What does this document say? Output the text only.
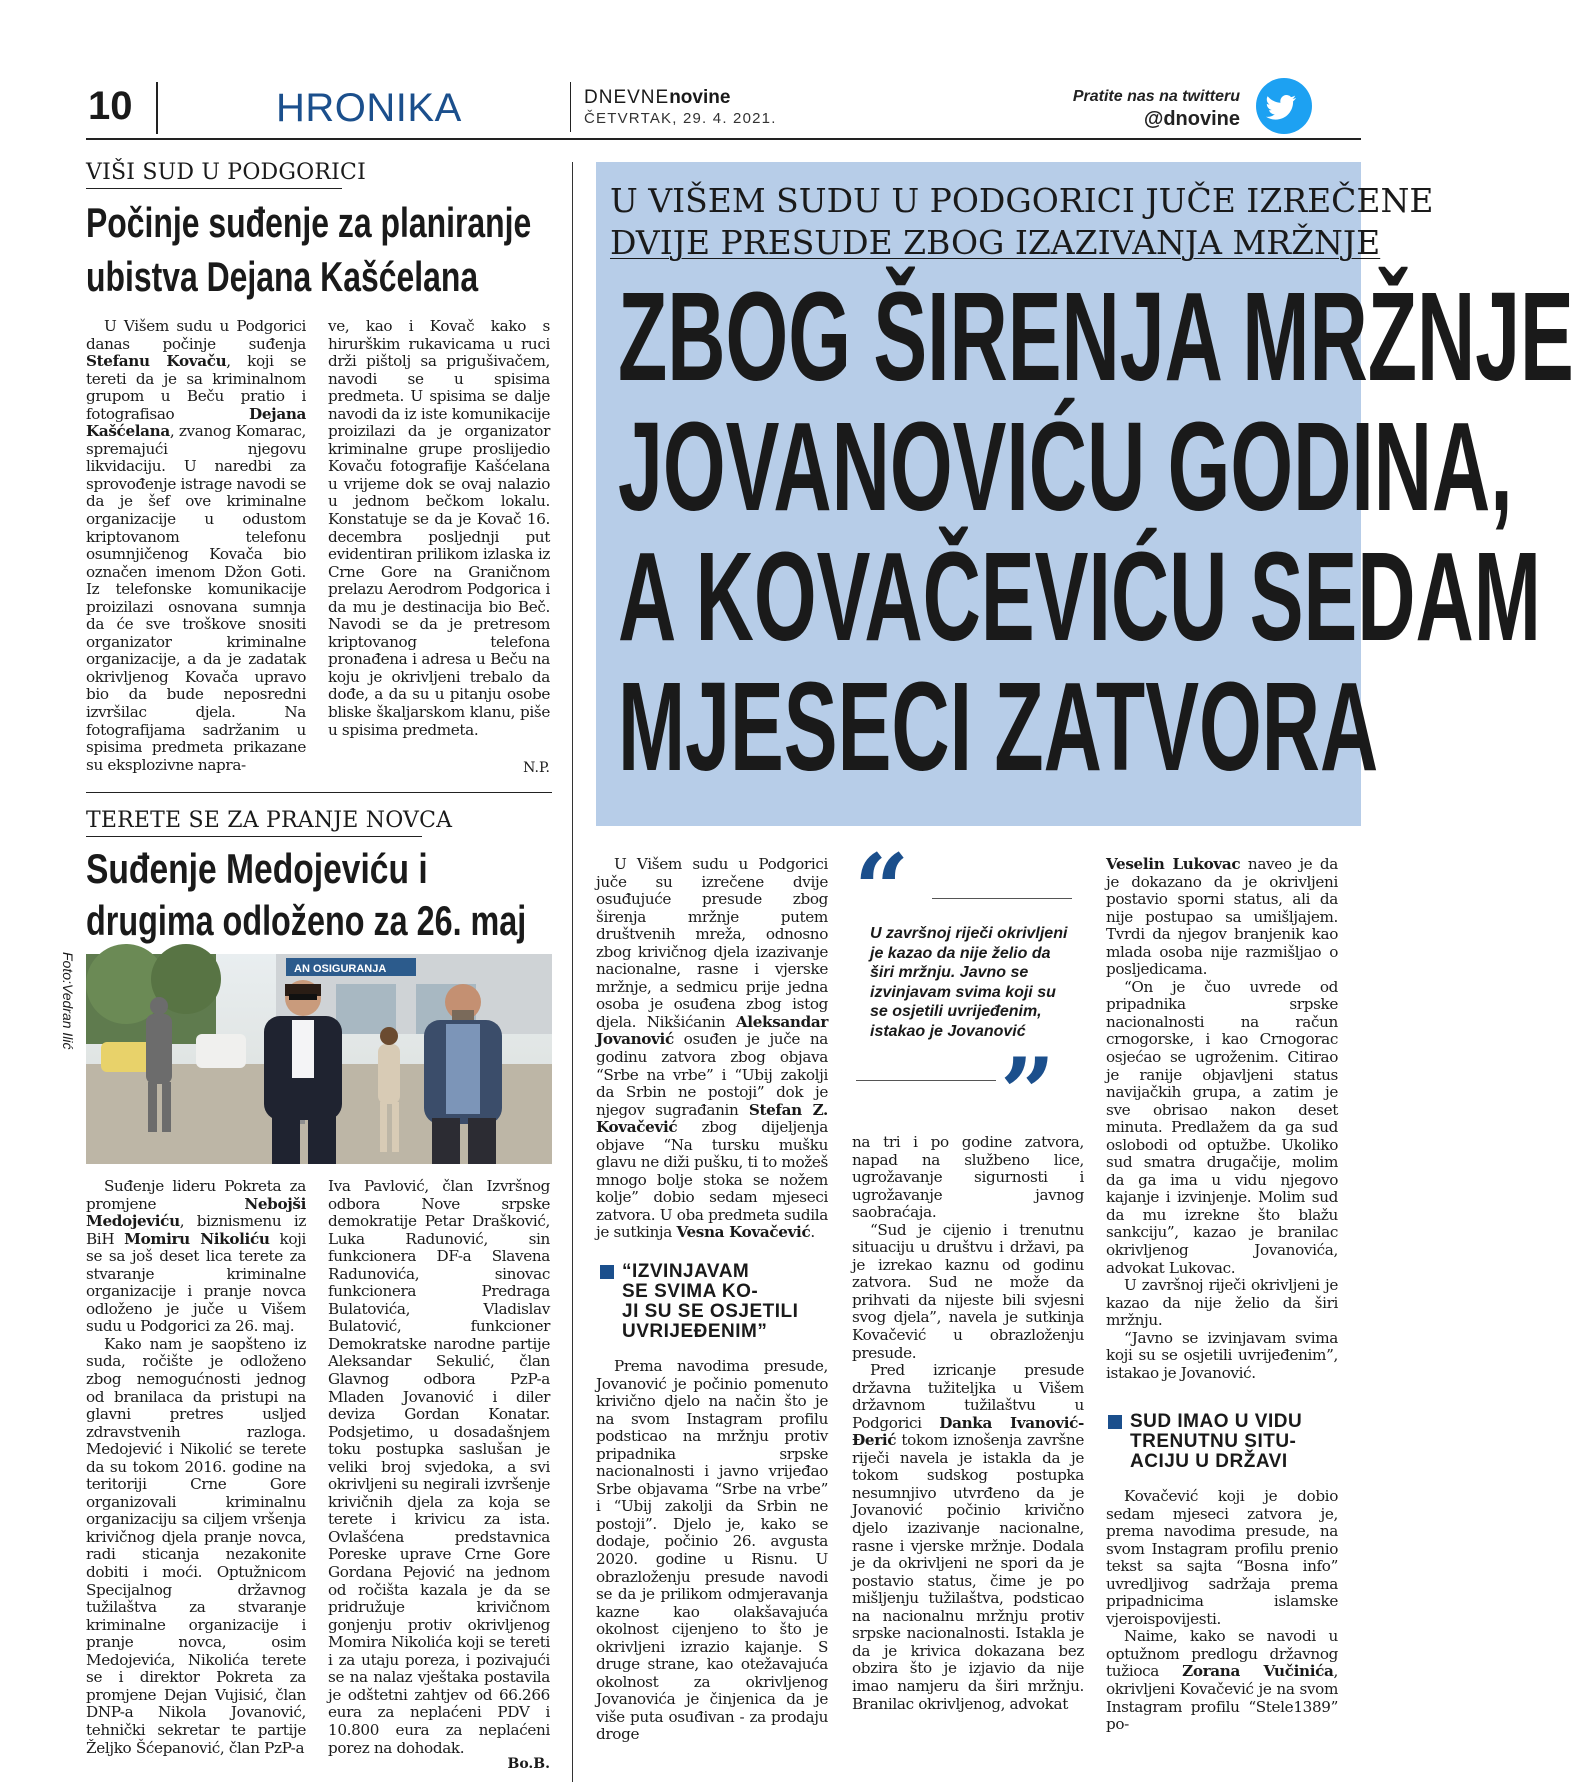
10	HRONIKA	DNEVNEnovine
ČETVRTAK, 29. 4. 2021.
Pratite nas na twitteru
@dnovine
VIŠI SUD U PODGORICI
Počinje suđenje za planiranje
ubistva Dejana Kašćelana

U Višem sudu u Podgorici danas počinje suđenja Stefanu Kovaču, koji se tereti da je sa kriminalnom grupom u Beču pratio i fotografisao Dejana Kašćelana, zvanog Komarac, spremajući njegovu likvidaciju. U naredbi za sprovođenje istrage navodi se da je šef ove kriminalne organizacije u odustom kriptovanom telefonu osumnjičenog Kovača bio označen imenom Džon Goti. Iz telefonske komunikacije proizilazi osnovana sumnja da će sve troškove snositi organizator kriminalne organizacije, a da je zadatak okrivljenog Kovača upravo bio da bude neposredni izvršilac djela. Na fotografijama sadržanim u spisima predmeta prikazane su eksplozivne napra-

ve, kao i Kovač kako s hirurškim rukavicama u ruci drži pištolj sa prigušivačem, navodi se u spisima predmeta. U spisima se dalje navodi da iz iste komunikacije proizilazi da je organizator kriminalne grupe proslijedio Kovaču fotografije Kašćelana u vrijeme dok se ovaj nalazio u jednom bečkom lokalu. Konstatuje se da je Kovač 16. decembra posljednji put evidentiran prilikom izlaska iz Crne Gore na Graničnom prelazu Aerodrom Podgorica i da mu je destinacija bio Beč. Navodi se da je pretresom kriptovanog telefona pronađena i adresa u Beču na koju je okrivljeni trebalo da dođe, a da su u pitanju osobe bliske škaljarskom klanu, piše u spisima predmeta.

N.P.
TERETE SE ZA PRANJE NOVCA
Suđenje Medojeviću i
drugima odloženo za 26. maj
Foto:Vedran Ilić	AN OSIGURANJA

Suđenje lideru Pokreta za promjene Nebojši Medojeviću, biznismenu iz BiH Momiru Nikoliću koji se sa još deset lica terete za stvaranje kriminalne organizacije i pranje novca odloženo je juče u Višem sudu u Podgorici za 26. maj.

Kako nam je saopšteno iz suda, ročište je odloženo zbog nemogućnosti jednog od branilaca da pristupi na glavni pretres usljed zdravstvenih razloga. Medojević i Nikolić se terete da su tokom 2016. godine na teritoriji Crne Gore organizovali kriminalnu organizaciju sa ciljem vršenja krivičnog djela pranje novca, radi sticanja nezakonite dobiti i moći. Optužnicom Specijalnog državnog tužilaštva za stvaranje kriminalne organizacije i pranje novca, osim Medojevića, Nikolića terete se i direktor Pokreta za promjene Dejan Vujisić, član DNP-a Nikola Jovanović, tehnički sekretar te partije Željko Šćepanović, član PzP-a

Iva Pavlović, član Izvršnog odbora Nove srpske demokratije Petar Drašković, Luka Radunović, sin funkcionera DF-a Slavena Radunovića, sinovac funkcionera Predraga Bulatovića, Vladislav Bulatović, funkcioner Demokratske narodne partije Aleksandar Sekulić, član Glavnog odbora PzP-a Mladen Jovanović i diler deviza Gordan Konatar. Podsjetimo, u dosadašnjem toku postupka saslušan je veliki broj svjedoka, a svi okrivljeni su negirali izvršenje krivičnih djela za koja se terete i krivicu za ista. Ovlašćena predstavnica Poreske uprave Crne Gore Gordana Pejović na jednom od ročišta kazala je da se pridružuje krivičnom gonjenju protiv okrivljenog Momira Nikolića koji se tereti i za utaju poreza, i pozivajući se na nalaz vještaka postavila je odštetni zahtjev od 66.266 eura za neplaćeni PDV i 10.800 eura za neplaćeni porez na dohodak.

Bo.B.
U VIŠEM SUDU U PODGORICI JUČE IZREČENE
DVIJE PRESUDE ZBOG IZAZIVANJA MRŽNJE
ZBOG ŠIRENJA MRŽNJE
JOVANOVIĆU GODINA,
A KOVAČEVIĆU SEDAM
MJESECI ZATVORA

U Višem sudu u Podgorici juče su izrečene dvije osuđujuće presude zbog širenja mržnje putem društvenih mreža, odnosno zbog krivičnog djela izazivanje nacionalne, rasne i vjerske mržnje, a sedmicu prije jedna osoba je osuđena zbog istog djela. Nikšićanin Aleksandar Jovanović osuđen je juče na godinu zatvora zbog objava “Srbe na vrbe” i “Ubij zakolji da Srbin ne postoji” dok je njegov sugrađanin Stefan Z. Kovačević zbog dijeljenja objave “Na tursku mušku glavu ne diži pušku, ti to možeš mnogo bolje stoka se nožem kolje” dobio sedam mjeseci zatvora. U oba predmeta sudila je sutkinja Vesna Kovačević.

“IZVINJAVAM
SE SVIMA KO-
JI SU SE OSJETILI
UVRIJEĐENIM”

Prema navodima presude, Jovanović je počinio pomenuto krivično djelo na način što je na svom Instagram profilu podsticao na mržnju protiv pripadnika srpske nacionalnosti i javno vrijeđao Srbe objavama “Srbe na vrbe” i “Ubij zakolji da Srbin ne postoji”. Djelo je, kako se dodaje, počinio 26. avgusta 2020. godine u Risnu. U obrazloženju presude navodi se da je prilikom odmjeravanja kazne kao olakšavajuća okolnost cijenjeno to što je okrivljeni izrazio kajanje. S druge strane, kao otežavajuća okolnost za okrivljenog Jovanovića je činjenica da je više puta osuđivan - za prodaju droge

“
U završnoj riječi okrivljeni je kazao da nije želio da širi mržnju. Javno se izvinjavam svima koji su se osjetili uvrijeđenim, istakao je Jovanović
”

na tri i po godine zatvora, napad na službeno lice, ugrožavanje sigurnosti i ugrožavanje javnog saobraćaja.

“Sud je cijenio i trenutnu situaciju u društvu i državi, pa je izrekao kaznu od godinu zatvora. Sud ne može da prihvati da nijeste bili svjesni svog djela”, navela je sutkinja Kovačević u obrazloženju presude.

Pred izricanje presude državna tužiteljka u Višem državnom tužilaštvu u Podgorici Danka Ivanović-Đerić tokom iznošenja završne riječi navela je istakla da je tokom sudskog postupka nesumnjivo utvrđeno da je Jovanović počinio krivično djelo izazivanje nacionalne, rasne i vjerske mržnje. Dodala je da okrivljeni ne spori da je postavio status, čime je po mišljenju tužilaštva, podsticao na nacionalnu mržnju protiv srpske nacionalnosti. Istakla je da je krivica dokazana bez obzira što je izjavio da nije imao namjeru da širi mržnju. Branilac okrivljenog, advokat

Veselin Lukovac naveo je da je dokazano da je okrivljeni postavio sporni status, ali da nije postupao sa umišljajem. Tvrdi da njegov branjenik kao mlada osoba nije razmišljao o posljedicama.

“On je čuo uvrede od pripadnika srpske nacionalnosti na račun crnogorske, i kao Crnogorac osjećao se ugroženim. Citirao je ranije objavljeni status navijačkih grupa, a zatim je sve obrisao nakon deset minuta. Predlažem da ga sud oslobodi od optužbe. Ukoliko sud smatra drugačije, molim da ga ima u vidu njegovo kajanje i izvinjenje. Molim sud da mu izrekne što blažu sankciju”, kazao je branilac okrivljenog Jovanovića, advokat Lukovac.

U završnoj riječi okrivljeni je kazao da nije želio da širi mržnju.

“Javno se izvinjavam svima koji su se osjetili uvrijeđenim”, istakao je Jovanović.

SUD IMAO U VIDU
TRENUTNU SITU-
ACIJU U DRŽAVI

Kovačević koji je dobio sedam mjeseci zatvora je, prema navodima presude, na svom Instagram profilu prenio tekst sa sajta “Bosna info” uvredljivog sadržaja prema pripadnicima islamske vjeroispovijesti.

Naime, kako se navodi u optužnom predlogu državnog tužioca Zorana Vučinića, okrivljeni Kovačević je na svom Instagram profilu “Stele1389” po-
